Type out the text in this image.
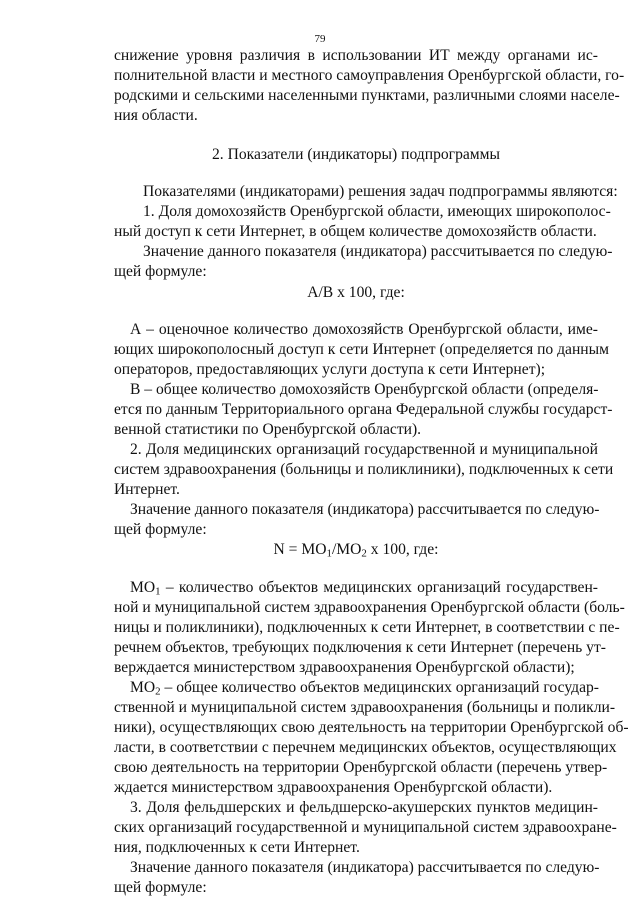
79
снижение уровня различия в использовании ИТ между органами ис-
полнительной власти и местного самоуправления Оренбургской области, го-
родскими и сельскими населенными пунктами, различными слоями населе-
ния области.
2. Показатели (индикаторы) подпрограммы
Показателями (индикаторами) решения задач подпрограммы являются:
1. Доля домохозяйств Оренбургской области, имеющих широкополос-
ный доступ к сети Интернет, в общем количестве домохозяйств области.
Значение данного показателя (индикатора) рассчитывается по следую-
щей формуле:
А/В х 100, где:
А – оценочное количество домохозяйств Оренбургской области, име-
ющих широкополосный доступ к сети Интернет (определяется по данным
операторов, предоставляющих услуги доступа к сети Интернет);
В – общее количество домохозяйств Оренбургской области (определя-
ется по данным Территориального органа Федеральной службы государст-
венной статистики по Оренбургской области).
2. Доля медицинских организаций государственной и муниципальной
систем здравоохранения (больницы и поликлиники), подключенных к сети
Интернет.
Значение данного показателя (индикатора) рассчитывается по следую-
щей формуле:
$N = МО_1/МО_2$ х 100, где:
$МО_1$ – количество объектов медицинских организаций государствен-
ной и муниципальной систем здравоохранения Оренбургской области (боль-
ницы и поликлиники), подключенных к сети Интернет, в соответствии с пе-
речнем объектов, требующих подключения к сети Интернет (перечень ут-
верждается министерством здравоохранения Оренбургской области);
$МО_2$ – общее количество объектов медицинских организаций государ-
ственной и муниципальной систем здравоохранения (больницы и поликли-
ники), осуществляющих свою деятельность на территории Оренбургской об-
ласти, в соответствии с перечнем медицинских объектов, осуществляющих
свою деятельность на территории Оренбургской области (перечень утвер-
ждается министерством здравоохранения Оренбургской области).
3. Доля фельдшерских и фельдшерско-акушерских пунктов медицин-
ских организаций государственной и муниципальной систем здравоохране-
ния, подключенных к сети Интернет.
Значение данного показателя (индикатора) рассчитывается по следую-
щей формуле:
